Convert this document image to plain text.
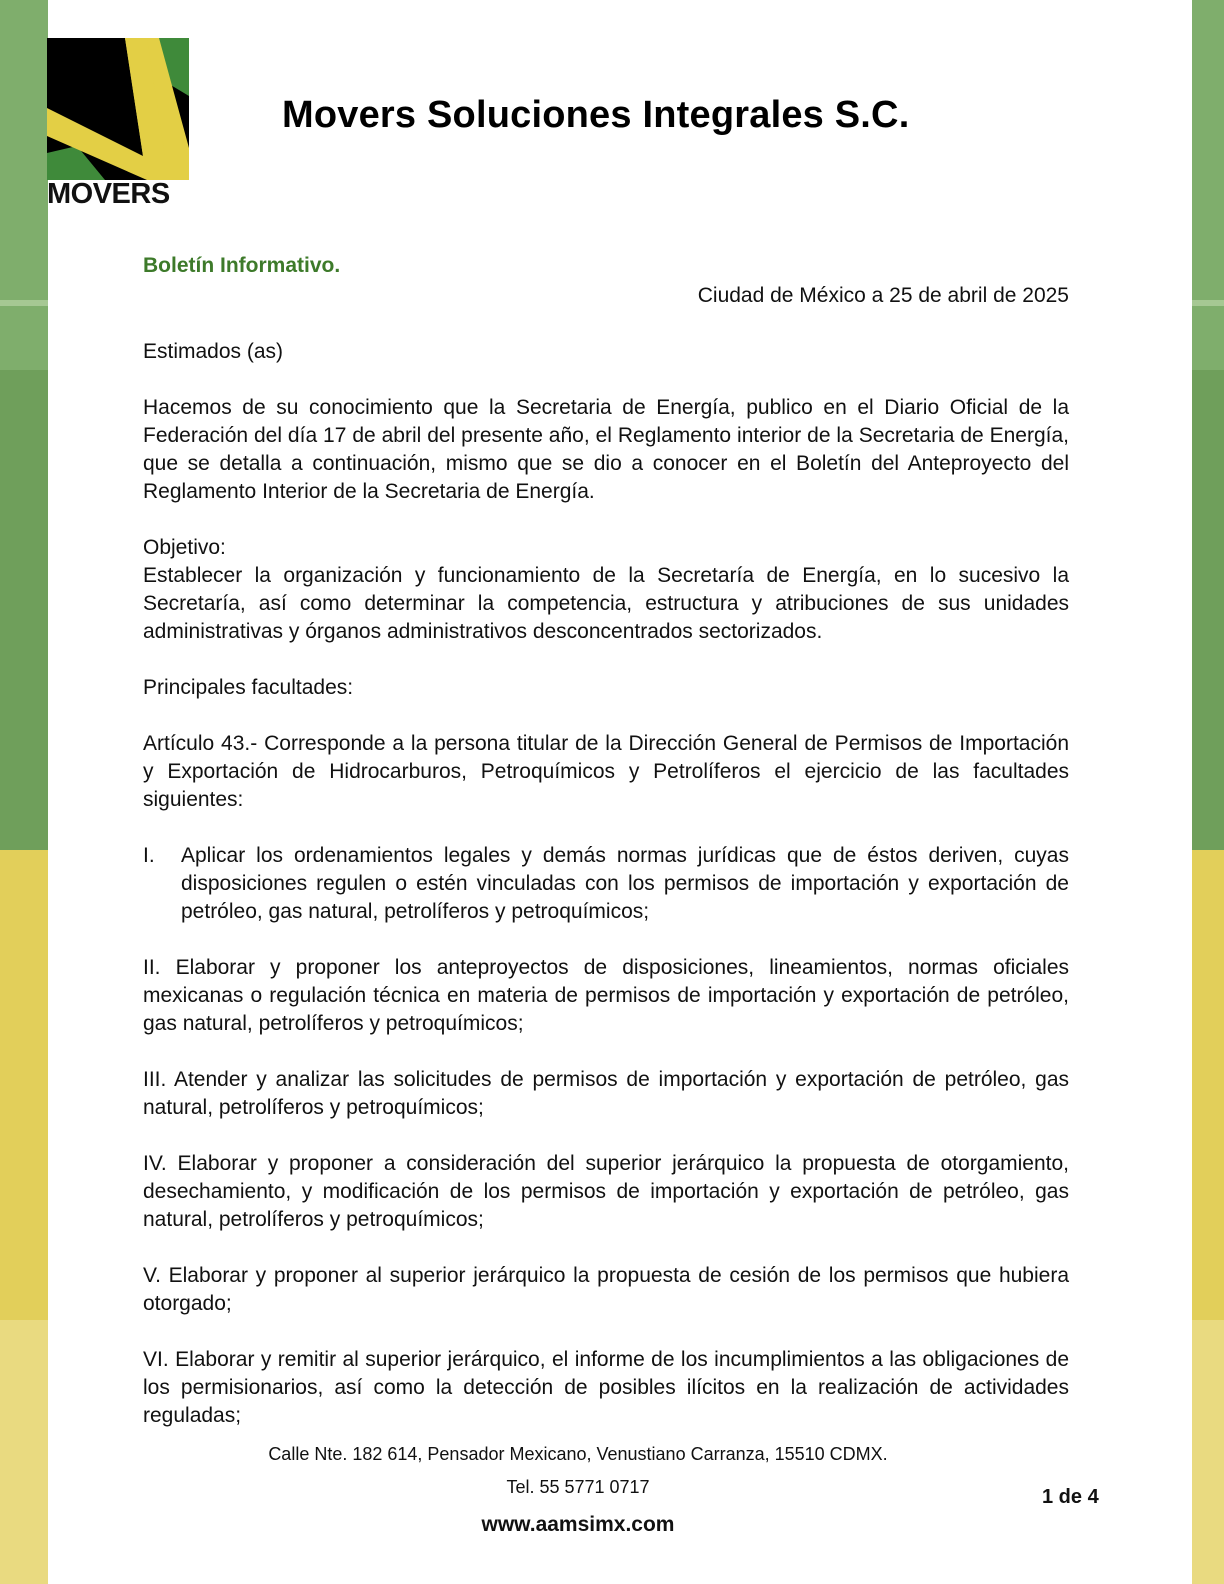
MOVERS
Movers Soluciones Integrales S.C.

Boletín Informativo.

Ciudad de México a 25 de abril de 2025

Estimados (as)

Hacemos de su conocimiento que la Secretaria de Energía, publico en el Diario Oficial de la Federación del día 17 de abril del presente año, el Reglamento interior de la Secretaria de Energía, que se detalla a continuación, mismo que se dio a conocer en el Boletín del Anteproyecto del Reglamento Interior de la Secretaria de Energía.

Objetivo:
Establecer la organización y funcionamiento de la Secretaría de Energía, en lo sucesivo la Secretaría, así como determinar la competencia, estructura y atribuciones de sus unidades administrativas y órganos administrativos desconcentrados sectorizados.

Principales facultades:

Artículo 43.- Corresponde a la persona titular de la Dirección General de Permisos de Importación y Exportación de Hidrocarburos, Petroquímicos y Petrolíferos el ejercicio de las facultades siguientes:

I.	Aplicar los ordenamientos legales y demás normas jurídicas que de éstos deriven, cuyas disposiciones regulen o estén vinculadas con los permisos de importación y exportación de petróleo, gas natural, petrolíferos y petroquímicos;

II. Elaborar y proponer los anteproyectos de disposiciones, lineamientos, normas oficiales mexicanas o regulación técnica en materia de permisos de importación y exportación de petróleo, gas natural, petrolíferos y petroquímicos;

III. Atender y analizar las solicitudes de permisos de importación y exportación de petróleo, gas natural, petrolíferos y petroquímicos;

IV. Elaborar y proponer a consideración del superior jerárquico la propuesta de otorgamiento, desechamiento, y modificación de los permisos de importación y exportación de petróleo, gas natural, petrolíferos y petroquímicos;

V. Elaborar y proponer al superior jerárquico la propuesta de cesión de los permisos que hubiera otorgado;

VI. Elaborar y remitir al superior jerárquico, el informe de los incumplimientos a las obligaciones de los permisionarios, así como la detección de posibles ilícitos en la realización de actividades reguladas;

Calle Nte. 182 614, Pensador Mexicano, Venustiano Carranza, 15510 CDMX.
Tel. 55 5771 0717
www.aamsimx.com
1 de 4
